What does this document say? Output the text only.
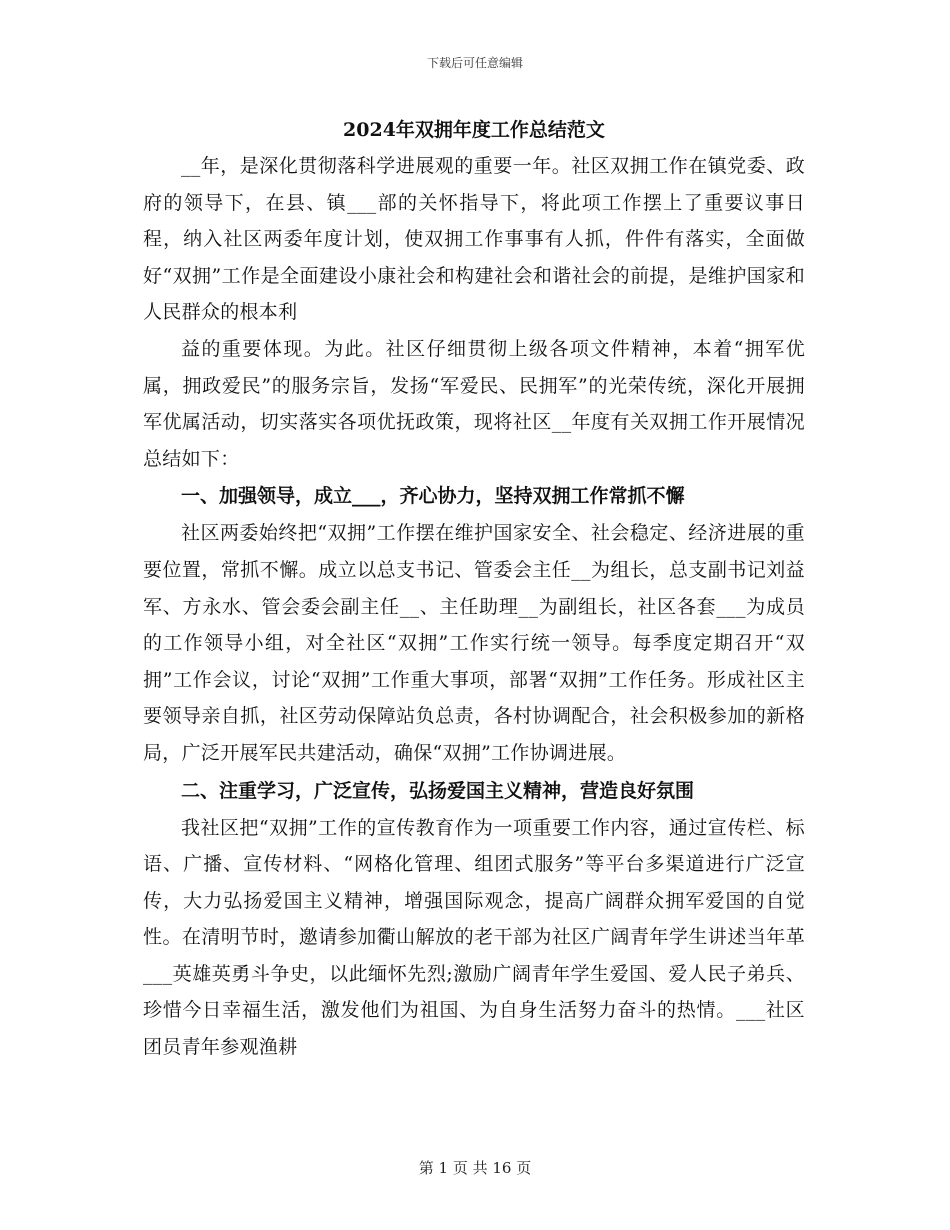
下载后可任意编辑
2024年双拥年度工作总结范文

__年，是深化贯彻落科学进展观的重要一年。社区双拥工作在镇党委、政府的领导下，在县、镇___部的关怀指导下，将此项工作摆上了重要议事日程，纳入社区两委年度计划，使双拥工作事事有人抓，件件有落实，全面做好“双拥”工作是全面建设小康社会和构建社会和谐社会的前提，是维护国家和人民群众的根本利

益的重要体现。为此。社区仔细贯彻上级各项文件精神，本着“拥军优属，拥政爱民”的服务宗旨，发扬“军爱民、民拥军”的光荣传统，深化开展拥军优属活动，切实落实各项优抚政策，现将社区__年度有关双拥工作开展情况总结如下：

一、加强领导，成立___，齐心协力，坚持双拥工作常抓不懈

社区两委始终把“双拥”工作摆在维护国家安全、社会稳定、经济进展的重要位置，常抓不懈。成立以总支书记、管委会主任__为组长，总支副书记刘益军、方永水、管会委会副主任__、主任助理__为副组长，社区各套___为成员的工作领导小组，对全社区“双拥”工作实行统一领导。每季度定期召开“双拥”工作会议，讨论“双拥”工作重大事项，部署“双拥”工作任务。形成社区主要领导亲自抓，社区劳动保障站负总责，各村协调配合，社会积极参加的新格局，广泛开展军民共建活动，确保“双拥”工作协调进展。

二、注重学习，广泛宣传，弘扬爱国主义精神，营造良好氛围

我社区把“双拥”工作的宣传教育作为一项重要工作内容，通过宣传栏、标语、广播、宣传材料、“网格化管理、组团式服务”等平台多渠道进行广泛宣传，大力弘扬爱国主义精神，增强国际观念，提高广阔群众拥军爱国的自觉性。在清明节时，邀请参加衢山解放的老干部为社区广阔青年学生讲述当年革___英雄英勇斗争史，以此缅怀先烈;激励广阔青年学生爱国、爱人民子弟兵、珍惜今日幸福生活，激发他们为祖国、为自身生活努力奋斗的热情。___社区团员青年参观渔耕

第 1 页 共 16 页
